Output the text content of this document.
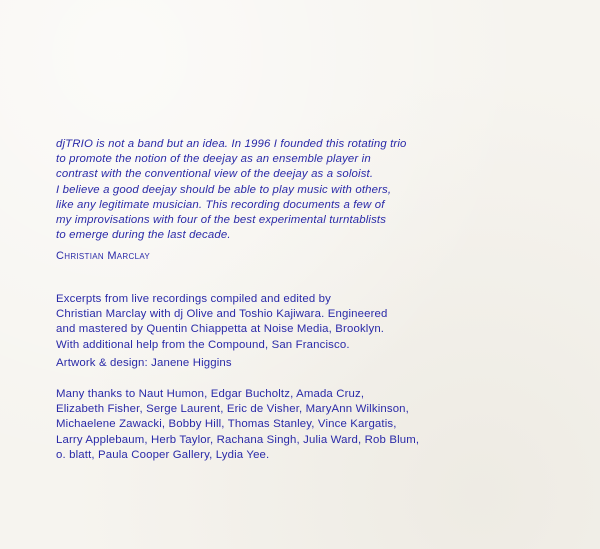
djTRIO is not a band but an idea. In 1996 I founded this rotating trio
to promote the notion of the deejay as an ensemble player in
contrast with the conventional view of the deejay as a soloist.
I believe a good deejay should be able to play music with others,
like any legitimate musician. This recording documents a few of
my improvisations with four of the best experimental turntablists
to emerge during the last decade.

Christian Marclay

Excerpts from live recordings compiled and edited by
Christian Marclay with dj Olive and Toshio Kajiwara. Engineered
and mastered by Quentin Chiappetta at Noise Media, Brooklyn.
With additional help from the Compound, San Francisco.

Artwork & design: Janene Higgins

Many thanks to Naut Humon, Edgar Bucholtz, Amada Cruz,
Elizabeth Fisher, Serge Laurent, Eric de Visher, MaryAnn Wilkinson,
Michaelene Zawacki, Bobby Hill, Thomas Stanley, Vince Kargatis,
Larry Applebaum, Herb Taylor, Rachana Singh, Julia Ward, Rob Blum,
o. blatt, Paula Cooper Gallery, Lydia Yee.
